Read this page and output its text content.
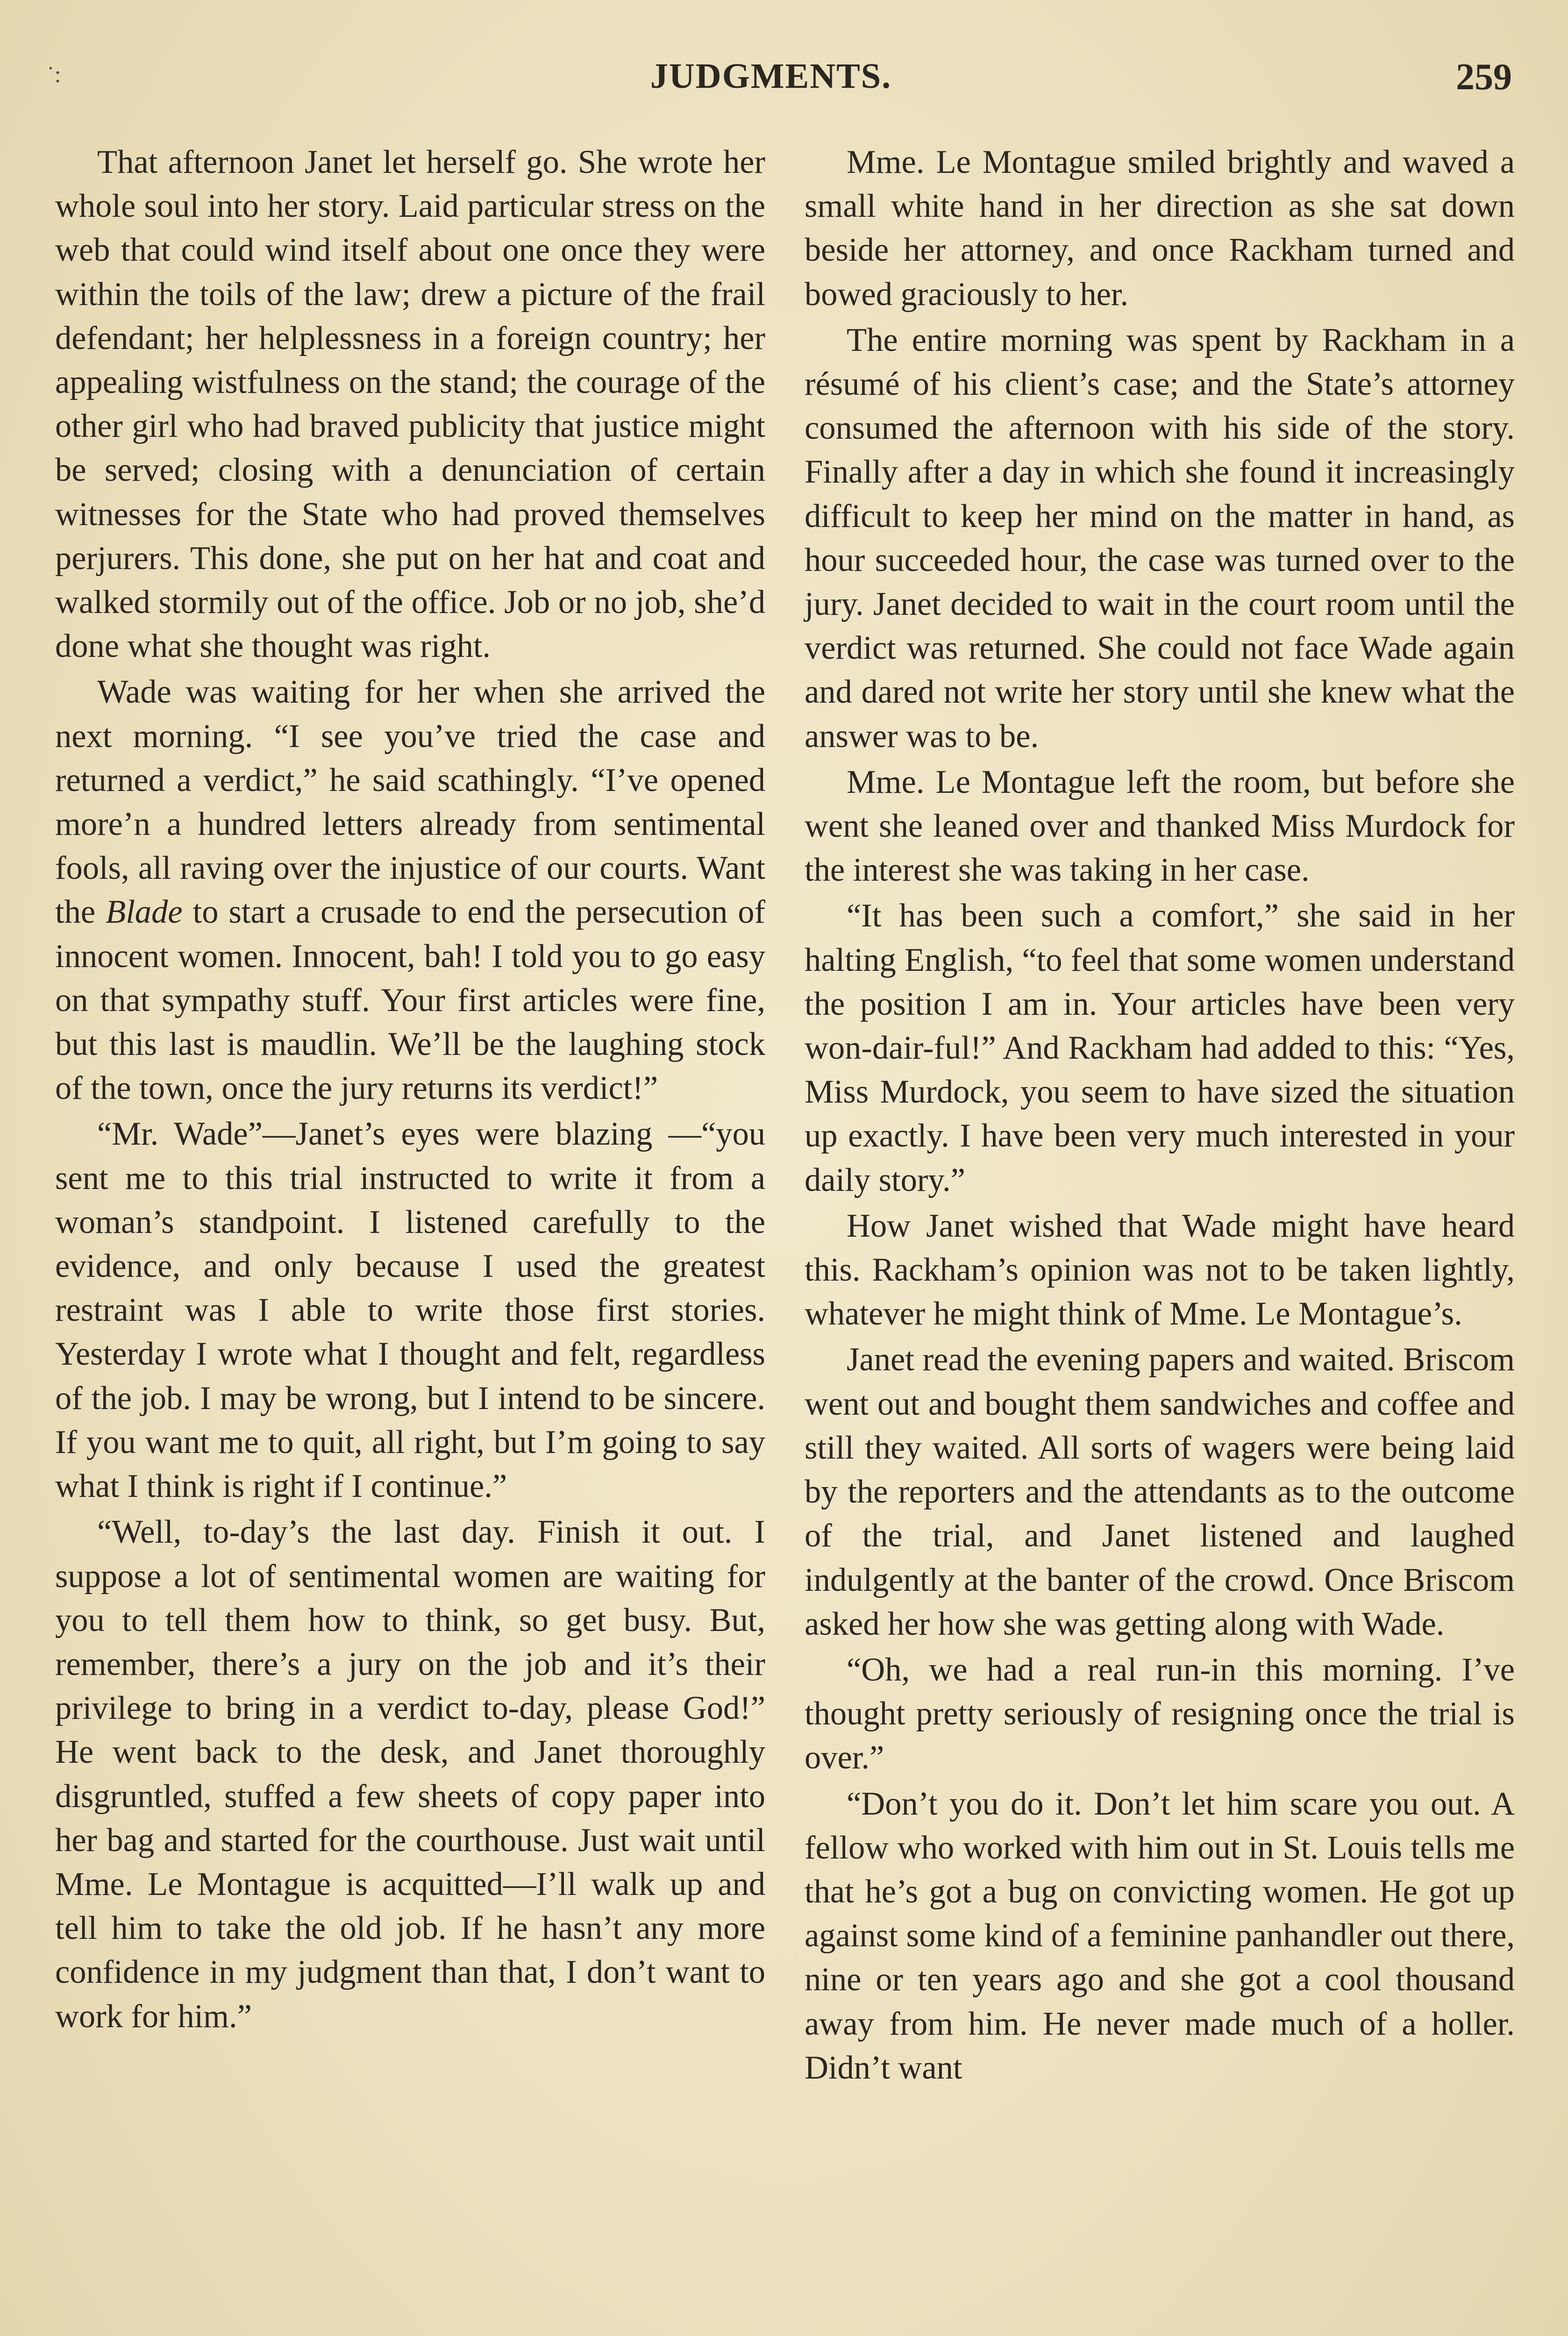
˙:	JUDGMENTS.	259

That afternoon Janet let herself go. She wrote her whole soul into her story. Laid particular stress on the web that could wind itself about one once they were within the toils of the law; drew a picture of the frail defendant; her helplessness in a foreign country; her appealing wistfulness on the stand; the courage of the other girl who had braved publicity that justice might be served; closing with a denunciation of certain witnesses for the State who had proved themselves perjurers. This done, she put on her hat and coat and walked stormily out of the office. Job or no job, she’d done what she thought was right.

Wade was waiting for her when she arrived the next morning. “I see you’ve tried the case and returned a verdict,” he said scathingly. “I’ve opened more’n a hundred letters already from sentimental fools, all raving over the injustice of our courts. Want the Blade to start a crusade to end the persecution of innocent women. Innocent, bah! I told you to go easy on that sympathy stuff. Your first articles were fine, but this last is maudlin. We’ll be the laughing stock of the town, once the jury returns its verdict!”

“Mr. Wade”—Janet’s eyes were blazing —“you sent me to this trial instructed to write it from a woman’s standpoint. I listened carefully to the evidence, and only because I used the greatest restraint was I able to write those first stories. Yesterday I wrote what I thought and felt, regardless of the job. I may be wrong, but I intend to be sincere. If you want me to quit, all right, but I’m going to say what I think is right if I continue.”

“Well, to-day’s the last day. Finish it out. I suppose a lot of sentimental women are waiting for you to tell them how to think, so get busy. But, remember, there’s a jury on the job and it’s their privilege to bring in a verdict to-day, please God!” He went back to the desk, and Janet thoroughly disgruntled, stuffed a few sheets of copy paper into her bag and started for the courthouse. Just wait until Mme. Le Montague is acquitted—I’ll walk up and tell him to take the old job. If he hasn’t any more confidence in my judgment than that, I don’t want to work for him.”

Mme. Le Montague smiled brightly and waved a small white hand in her direction as she sat down beside her attorney, and once Rackham turned and bowed graciously to her.

The entire morning was spent by Rackham in a résumé of his client’s case; and the State’s attorney consumed the afternoon with his side of the story. Finally after a day in which she found it increasingly difficult to keep her mind on the matter in hand, as hour succeeded hour, the case was turned over to the jury. Janet decided to wait in the court room until the verdict was returned. She could not face Wade again and dared not write her story until she knew what the answer was to be.

Mme. Le Montague left the room, but before she went she leaned over and thanked Miss Murdock for the interest she was taking in her case.

“It has been such a comfort,” she said in her halting English, “to feel that some women understand the position I am in. Your articles have been very won-dair-ful!” And Rackham had added to this: “Yes, Miss Murdock, you seem to have sized the situation up exactly. I have been very much interested in your daily story.”

How Janet wished that Wade might have heard this. Rackham’s opinion was not to be taken lightly, whatever he might think of Mme. Le Montague’s.

Janet read the evening papers and waited. Briscom went out and bought them sandwiches and coffee and still they waited. All sorts of wagers were being laid by the reporters and the attendants as to the outcome of the trial, and Janet listened and laughed indulgently at the banter of the crowd. Once Briscom asked her how she was getting along with Wade.

“Oh, we had a real run-in this morning. I’ve thought pretty seriously of resigning once the trial is over.”

“Don’t you do it. Don’t let him scare you out. A fellow who worked with him out in St. Louis tells me that he’s got a bug on convicting women. He got up against some kind of a feminine panhandler out there, nine or ten years ago and she got a cool thousand away from him. He never made much of a holler. Didn’t want
